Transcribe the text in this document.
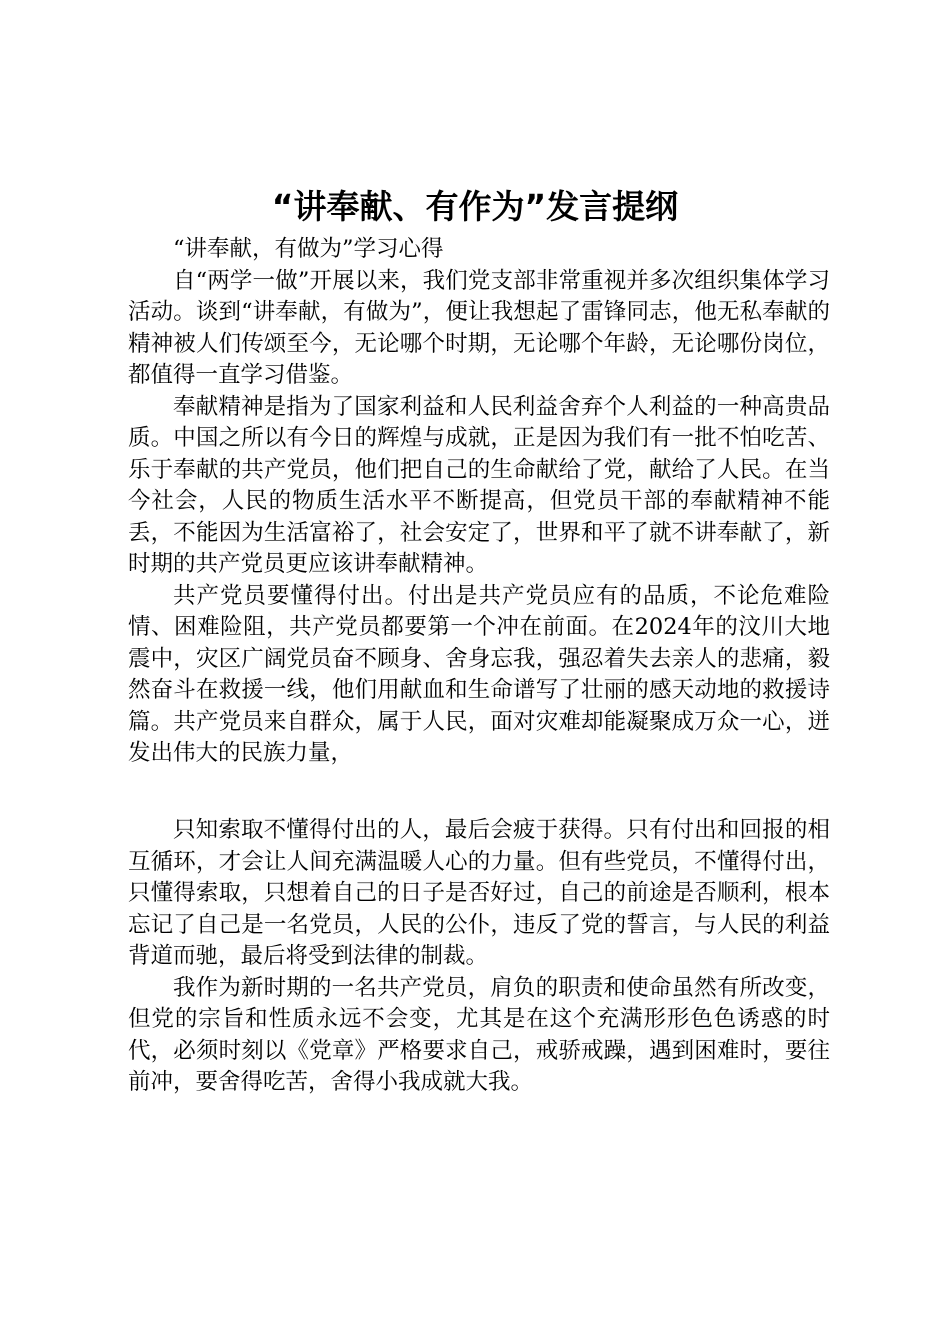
“讲奉献、有作为”发言提纲

“讲奉献，有做为”学习心得

自“两学一做”开展以来，我们党支部非常重视并多次组织集体学习活动。谈到“讲奉献，有做为”，便让我想起了雷锋同志，他无私奉献的精神被人们传颂至今，无论哪个时期，无论哪个年龄，无论哪份岗位，都值得一直学习借鉴。

奉献精神是指为了国家利益和人民利益舍弃个人利益的一种高贵品质。中国之所以有今日的辉煌与成就，正是因为我们有一批不怕吃苦、乐于奉献的共产党员，他们把自己的生命献给了党，献给了人民。在当今社会，人民的物质生活水平不断提高，但党员干部的奉献精神不能丢，不能因为生活富裕了，社会安定了，世界和平了就不讲奉献了，新时期的共产党员更应该讲奉献精神。

共产党员要懂得付出。付出是共产党员应有的品质，不论危难险情、困难险阻，共产党员都要第一个冲在前面。在2024年的汶川大地震中，灾区广阔党员奋不顾身、舍身忘我，强忍着失去亲人的悲痛，毅然奋斗在救援一线，他们用献血和生命谱写了壮丽的感天动地的救援诗篇。共产党员来自群众，属于人民，面对灾难却能凝聚成万众一心，迸发出伟大的民族力量，

只知索取不懂得付出的人，最后会疲于获得。只有付出和回报的相互循环，才会让人间充满温暖人心的力量。但有些党员，不懂得付出，只懂得索取，只想着自己的日子是否好过，自己的前途是否顺利，根本忘记了自己是一名党员，人民的公仆，违反了党的誓言，与人民的利益背道而驰，最后将受到法律的制裁。

我作为新时期的一名共产党员，肩负的职责和使命虽然有所改变，但党的宗旨和性质永远不会变，尤其是在这个充满形形色色诱惑的时代，必须时刻以《党章》严格要求自己，戒骄戒躁，遇到困难时，要往前冲，要舍得吃苦，舍得小我成就大我。
